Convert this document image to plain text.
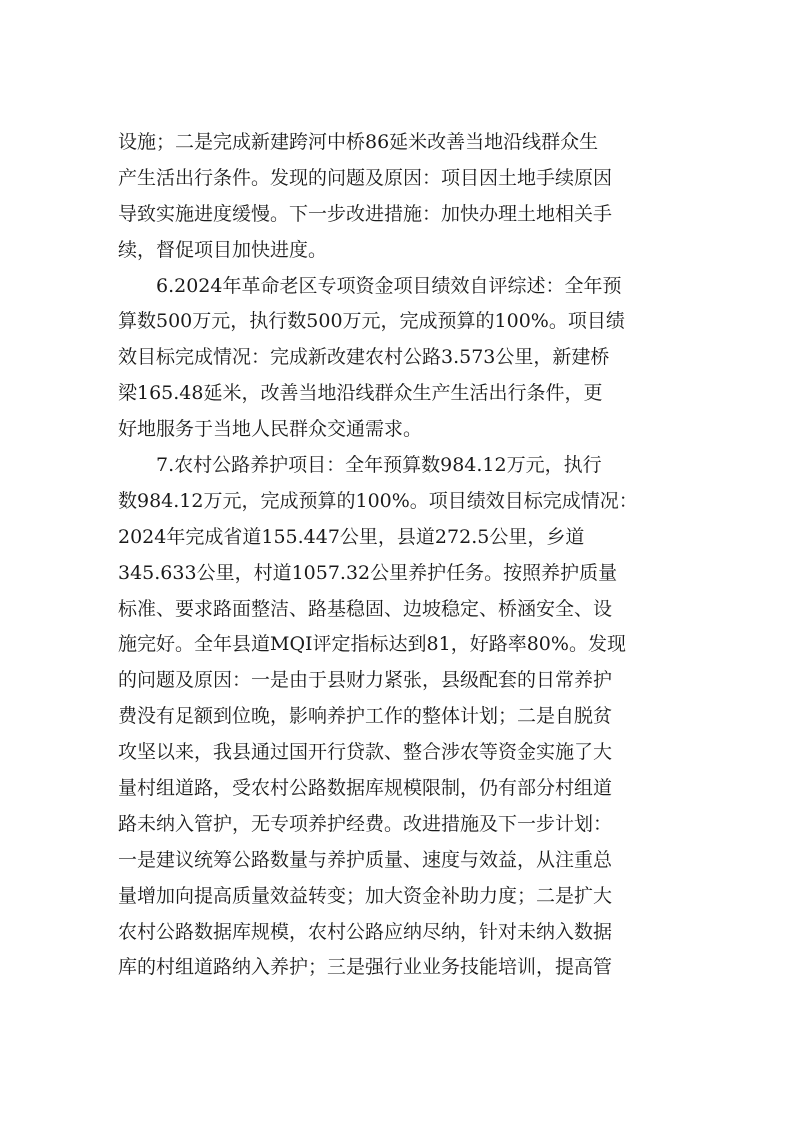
设施；二是完成新建跨河中桥86延米改善当地沿线群众生
产生活出行条件。发现的问题及原因：项目因土地手续原因
导致实施进度缓慢。下一步改进措施：加快办理土地相关手
续，督促项目加快进度。
　　6.2024年革命老区专项资金项目绩效自评综述：全年预
算数500万元，执行数500万元，完成预算的100%。项目绩
效目标完成情况：完成新改建农村公路3.573公里，新建桥
梁165.48延米，改善当地沿线群众生产生活出行条件，更
好地服务于当地人民群众交通需求。
　　7.农村公路养护项目：全年预算数984.12万元，执行
数984.12万元，完成预算的100%。项目绩效目标完成情况：
2024年完成省道155.447公里，县道272.5公里，乡道
345.633公里，村道1057.32公里养护任务。按照养护质量
标准、要求路面整洁、路基稳固、边坡稳定、桥涵安全、设
施完好。全年县道MQI评定指标达到81，好路率80%。发现
的问题及原因：一是由于县财力紧张，县级配套的日常养护
费没有足额到位晚，影响养护工作的整体计划；二是自脱贫
攻坚以来，我县通过国开行贷款、整合涉农等资金实施了大
量村组道路，受农村公路数据库规模限制，仍有部分村组道
路未纳入管护，无专项养护经费。改进措施及下一步计划：
一是建议统筹公路数量与养护质量、速度与效益，从注重总
量增加向提高质量效益转变；加大资金补助力度；二是扩大
农村公路数据库规模，农村公路应纳尽纳，针对未纳入数据
库的村组道路纳入养护；三是强行业业务技能培训，提高管
